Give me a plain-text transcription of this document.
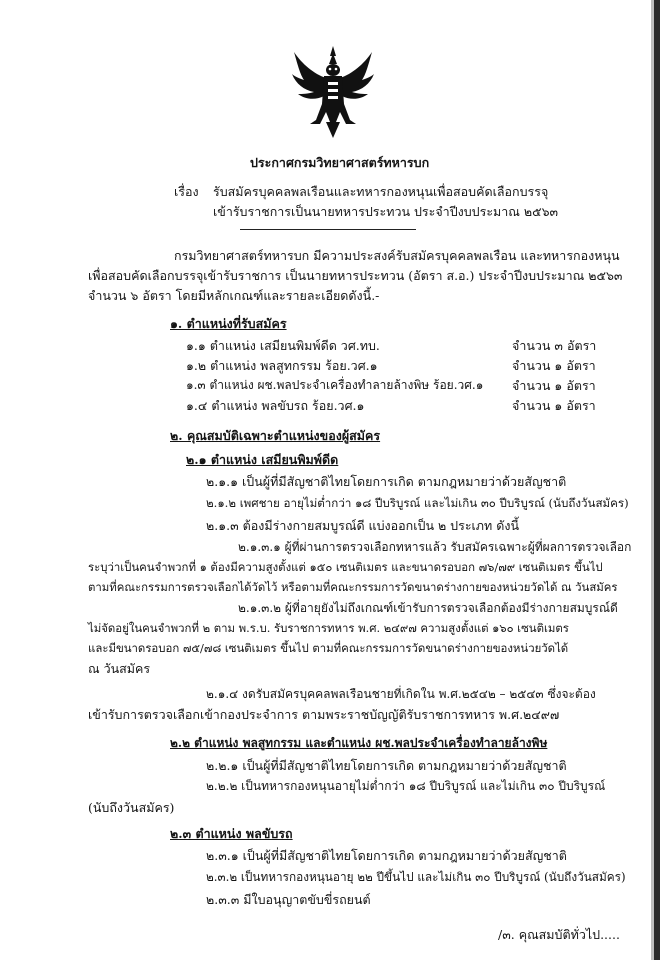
ประกาศกรมวิทยาศาสตร์ทหารบก
เรื่อง รับสมัครบุคคลพลเรือนและทหารกองหนุนเพื่อสอบคัดเลือกบรรจุ
เข้ารับราชการเป็นนายทหารประทวน ประจำปีงบประมาณ ๒๕๖๓
กรมวิทยาศาสตร์ทหารบก มีความประสงค์รับสมัครบุคคลพลเรือน และทหารกองหนุน
เพื่อสอบคัดเลือกบรรจุเข้ารับราชการ เป็นนายทหารประทวน (อัตรา ส.อ.) ประจำปีงบประมาณ ๒๕๖๓
จำนวน ๖ อัตรา โดยมีหลักเกณฑ์และรายละเอียดดังนี้.-
๑. ตำแหน่งที่รับสมัคร
๑.๑ ตำแหน่ง เสมียนพิมพ์ดีด วศ.ทบ.	จำนวน ๓ อัตรา
๑.๒ ตำแหน่ง พลสูทกรรม ร้อย.วศ.๑	จำนวน ๑ อัตรา
๑.๓ ตำแหน่ง ผช.พลประจำเครื่องทำลายล้างพิษ ร้อย.วศ.๑ จำนวน ๑ อัตรา
๑.๔ ตำแหน่ง พลขับรถ ร้อย.วศ.๑	จำนวน ๑ อัตรา
๒. คุณสมบัติเฉพาะตำแหน่งของผู้สมัคร
๒.๑ ตำแหน่ง เสมียนพิมพ์ดีด
๒.๑.๑ เป็นผู้ที่มีสัญชาติไทยโดยการเกิด ตามกฎหมายว่าด้วยสัญชาติ
๒.๑.๒ เพศชาย อายุไม่ต่ำกว่า ๑๘ ปีบริบูรณ์ และไม่เกิน ๓๐ ปีบริบูรณ์ (นับถึงวันสมัคร)
๒.๑.๓ ต้องมีร่างกายสมบูรณ์ดี แบ่งออกเป็น ๒ ประเภท ดังนี้
๒.๑.๓.๑ ผู้ที่ผ่านการตรวจเลือกทหารแล้ว รับสมัครเฉพาะผู้ที่ผลการตรวจเลือก
ระบุว่าเป็นคนจำพวกที่ ๑ ต้องมีความสูงตั้งแต่ ๑๕๐ เซนติเมตร และขนาดรอบอก ๗๖/๗๙ เซนติเมตร ขึ้นไป
ตามที่คณะกรรมการตรวจเลือกได้วัดไว้ หรือตามที่คณะกรรมการวัดขนาดร่างกายของหน่วยวัดได้ ณ วันสมัคร
๒.๑.๓.๒ ผู้ที่อายุยังไม่ถึงเกณฑ์เข้ารับการตรวจเลือกต้องมีร่างกายสมบูรณ์ดี
ไม่จัดอยู่ในคนจำพวกที่ ๒ ตาม พ.ร.บ. รับราชการทหาร พ.ศ. ๒๔๙๗ ความสูงตั้งแต่ ๑๖๐ เซนติเมตร
และมีขนาดรอบอก ๗๕/๗๘ เซนติเมตร ขึ้นไป ตามที่คณะกรรมการวัดขนาดร่างกายของหน่วยวัดได้
ณ วันสมัคร
๒.๑.๔ งดรับสมัครบุคคลพลเรือนชายที่เกิดใน พ.ศ.๒๕๔๒ – ๒๕๔๓ ซึ่งจะต้อง
เข้ารับการตรวจเลือกเข้ากองประจำการ ตามพระราชบัญญัติรับราชการทหาร พ.ศ.๒๔๙๗
๒.๒ ตำแหน่ง พลสูทกรรม และตำแหน่ง ผช.พลประจำเครื่องทำลายล้างพิษ
๒.๒.๑ เป็นผู้ที่มีสัญชาติไทยโดยการเกิด ตามกฎหมายว่าด้วยสัญชาติ
๒.๒.๒ เป็นทหารกองหนุนอายุไม่ต่ำกว่า ๑๘ ปีบริบูรณ์ และไม่เกิน ๓๐ ปีบริบูรณ์
(นับถึงวันสมัคร)
๒.๓ ตำแหน่ง พลขับรถ
๒.๓.๑ เป็นผู้ที่มีสัญชาติไทยโดยการเกิด ตามกฎหมายว่าด้วยสัญชาติ
๒.๓.๒ เป็นทหารกองหนุนอายุ ๒๒ ปีขึ้นไป และไม่เกิน ๓๐ ปีบริบูรณ์ (นับถึงวันสมัคร)
๒.๓.๓ มีใบอนุญาตขับขี่รถยนต์
/๓. คุณสมบัติทั่วไป.....
